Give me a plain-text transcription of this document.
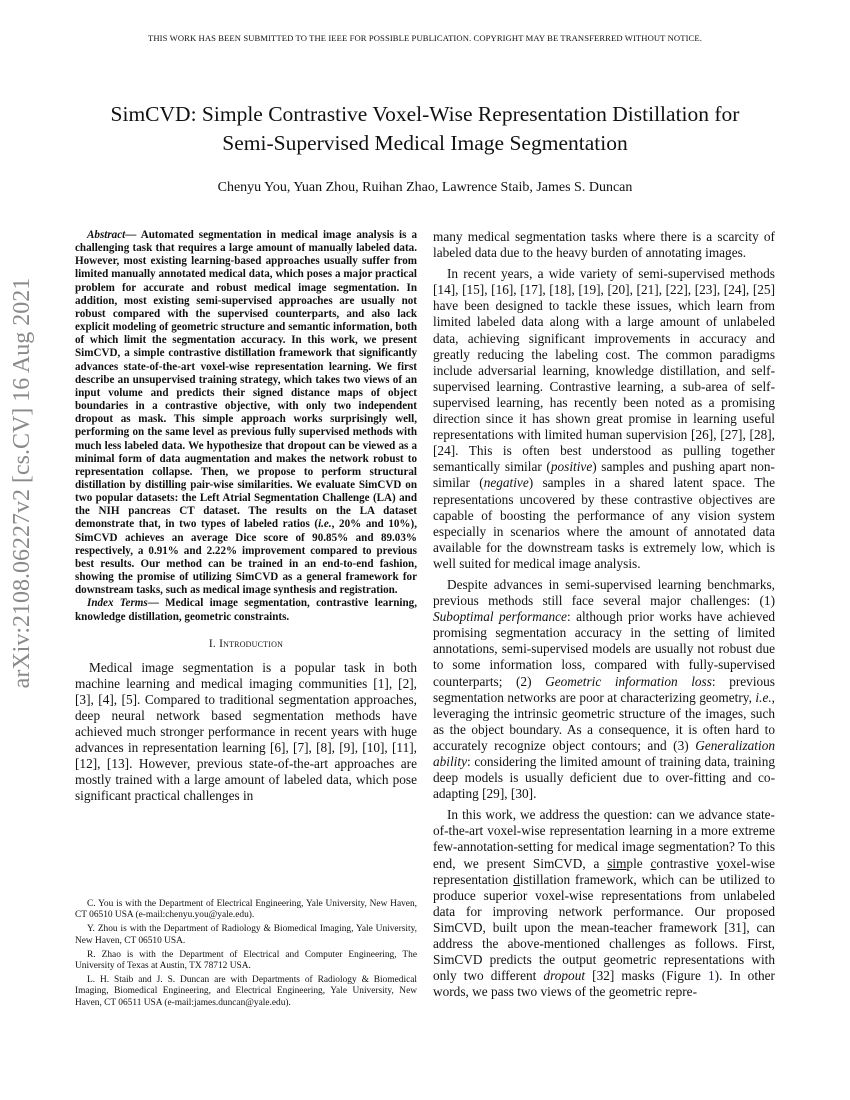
THIS WORK HAS BEEN SUBMITTED TO THE IEEE FOR POSSIBLE PUBLICATION. COPYRIGHT MAY BE TRANSFERRED WITHOUT NOTICE.
arXiv:2108.06227v2 [cs.CV] 16 Aug 2021
SimCVD: Simple Contrastive Voxel-Wise Representation Distillation for
Semi-Supervised Medical Image Segmentation
Chenyu You, Yuan Zhou, Ruihan Zhao, Lawrence Staib, James S. Duncan

Abstract— Automated segmentation in medical image analysis is a challenging task that requires a large amount of manually labeled data. However, most existing learning-based approaches usually suffer from limited manually annotated medical data, which poses a major practical problem for accurate and robust medical image segmentation. In addition, most existing semi-supervised approaches are usually not robust compared with the supervised counterparts, and also lack explicit modeling of geometric structure and semantic information, both of which limit the segmentation accuracy. In this work, we present SimCVD, a simple contrastive distillation framework that significantly advances state-of-the-art voxel-wise representation learning. We first describe an unsupervised training strategy, which takes two views of an input volume and predicts their signed distance maps of object boundaries in a contrastive objective, with only two independent dropout as mask. This simple approach works surprisingly well, performing on the same level as previous fully supervised methods with much less labeled data. We hypothesize that dropout can be viewed as a minimal form of data augmentation and makes the network robust to representation collapse. Then, we propose to perform structural distillation by distilling pair-wise similarities. We evaluate SimCVD on two popular datasets: the Left Atrial Segmentation Challenge (LA) and the NIH pancreas CT dataset. The results on the LA dataset demonstrate that, in two types of labeled ratios (i.e., 20% and 10%), SimCVD achieves an average Dice score of 90.85% and 89.03% respectively, a 0.91% and 2.22% improvement compared to previous best results. Our method can be trained in an end-to-end fashion, showing the promise of utilizing SimCVD as a general framework for downstream tasks, such as medical image synthesis and registration.

Index Terms— Medical image segmentation, contrastive learning, knowledge distillation, geometric constraints.

I. Introduction

Medical image segmentation is a popular task in both machine learning and medical imaging communities [1], [2], [3], [4], [5]. Compared to traditional segmentation approaches, deep neural network based segmentation methods have achieved much stronger performance in recent years with huge advances in representation learning [6], [7], [8], [9], [10], [11], [12], [13]. However, previous state-of-the-art approaches are mostly trained with a large amount of labeled data, which pose significant practical challenges in

C. You is with the Department of Electrical Engineering, Yale University, New Haven, CT 06510 USA (e-mail:chenyu.you@yale.edu).

Y. Zhou is with the Department of Radiology & Biomedical Imaging, Yale University, New Haven, CT 06510 USA.

R. Zhao is with the Department of Electrical and Computer Engineering, The University of Texas at Austin, TX 78712 USA.

L. H. Staib and J. S. Duncan are with Departments of Radiology & Biomedical Imaging, Biomedical Engineering, and Electrical Engineering, Yale University, New Haven, CT 06511 USA (e-mail:james.duncan@yale.edu).

many medical segmentation tasks where there is a scarcity of labeled data due to the heavy burden of annotating images.

In recent years, a wide variety of semi-supervised methods [14], [15], [16], [17], [18], [19], [20], [21], [22], [23], [24], [25] have been designed to tackle these issues, which learn from limited labeled data along with a large amount of unlabeled data, achieving significant improvements in accuracy and greatly reducing the labeling cost. The common paradigms include adversarial learning, knowledge distillation, and self-supervised learning. Contrastive learning, a sub-area of self-supervised learning, has recently been noted as a promising direction since it has shown great promise in learning useful representations with limited human supervision [26], [27], [28], [24]. This is often best understood as pulling together semantically similar (positive) samples and pushing apart non-similar (negative) samples in a shared latent space. The representations uncovered by these contrastive objectives are capable of boosting the performance of any vision system especially in scenarios where the amount of annotated data available for the downstream tasks is extremely low, which is well suited for medical image analysis.

Despite advances in semi-supervised learning benchmarks, previous methods still face several major challenges: (1) Suboptimal performance: although prior works have achieved promising segmentation accuracy in the setting of limited annotations, semi-supervised models are usually not robust due to some information loss, compared with fully-supervised counterparts; (2) Geometric information loss: previous segmentation networks are poor at characterizing geometry, i.e., leveraging the intrinsic geometric structure of the images, such as the object boundary. As a consequence, it is often hard to accurately recognize object contours; and (3) Generalization ability: considering the limited amount of training data, training deep models is usually deficient due to over-fitting and co-adapting [29], [30].

In this work, we address the question: can we advance state-of-the-art voxel-wise representation learning in a more extreme few-annotation-setting for medical image segmentation? To this end, we present SimCVD, a simple contrastive voxel-wise representation distillation framework, which can be utilized to produce superior voxel-wise representations from unlabeled data for improving network performance. Our proposed SimCVD, built upon the mean-teacher framework [31], can address the above-mentioned challenges as follows. First, SimCVD predicts the output geometric representations with only two different dropout [32] masks (Figure 1). In other words, we pass two views of the geometric repre-
